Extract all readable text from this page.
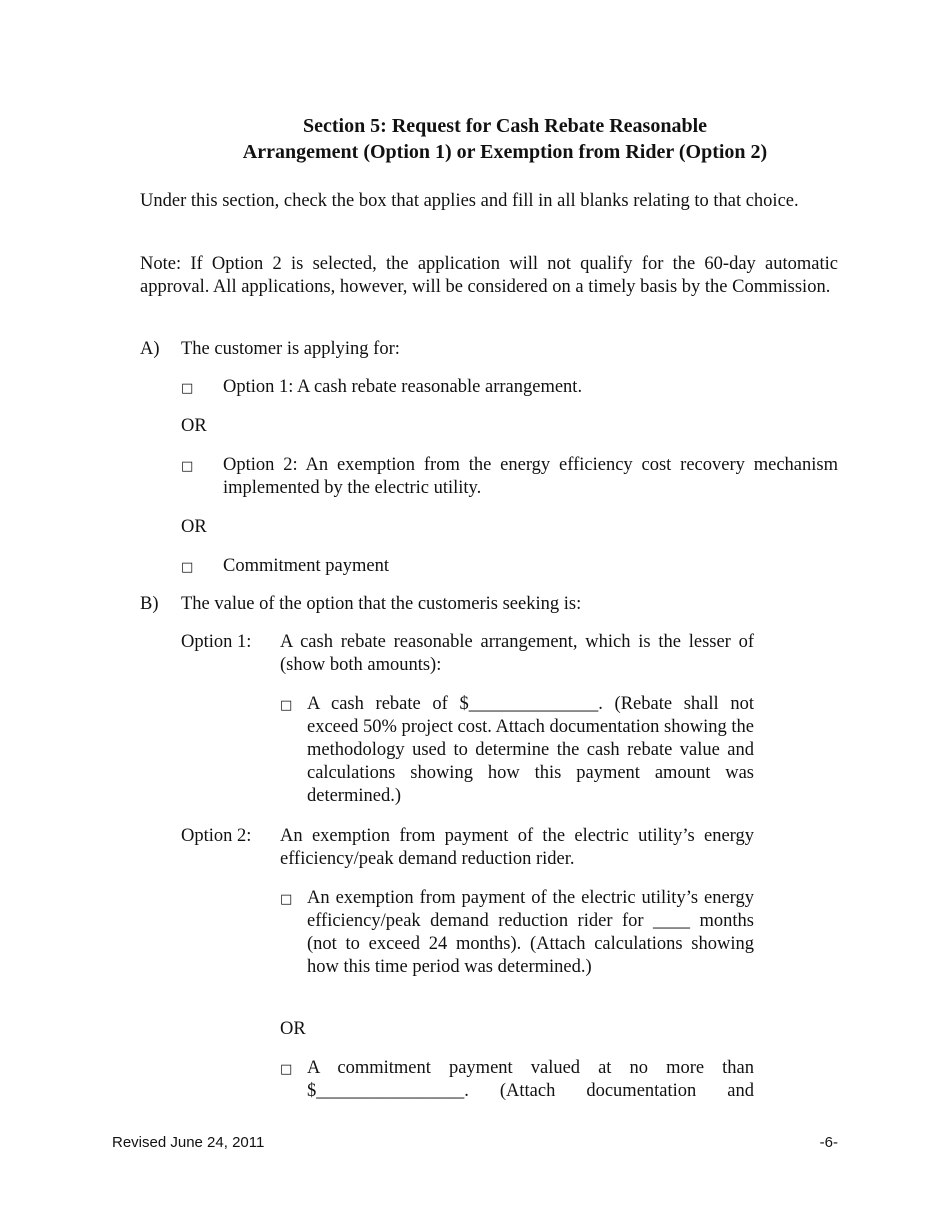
Section 5: Request for Cash Rebate Reasonable
Arrangement (Option 1) or Exemption from Rider (Option 2)
Under this section, check the box that applies and fill in all blanks relating to that choice.
Note: If Option 2 is selected, the application will not qualify for the 60-day automatic approval. All applications, however, will be considered on a timely basis by the Commission.
A) The customer is applying for:
□ Option 1: A cash rebate reasonable arrangement.
OR
□ Option 2: An exemption from the energy efficiency cost recovery mechanism implemented by the electric utility.
OR
□ Commitment payment
B) The value of the option that the customeris seeking is:
Option 1: A cash rebate reasonable arrangement, which is the lesser of (show both amounts):
□ A cash rebate of $______________. (Rebate shall not exceed 50% project cost. Attach documentation showing the methodology used to determine the cash rebate value and calculations showing how this payment amount was determined.)
Option 2: An exemption from payment of the electric utility’s energy efficiency/peak demand reduction rider.
□ An exemption from payment of the electric utility’s energy efficiency/peak demand reduction rider for ____ months (not to exceed 24 months). (Attach calculations showing how this time period was determined.)
OR
□ A commitment payment valued at no more than $________________. (Attach documentation and
Revised June 24, 2011	-6-
